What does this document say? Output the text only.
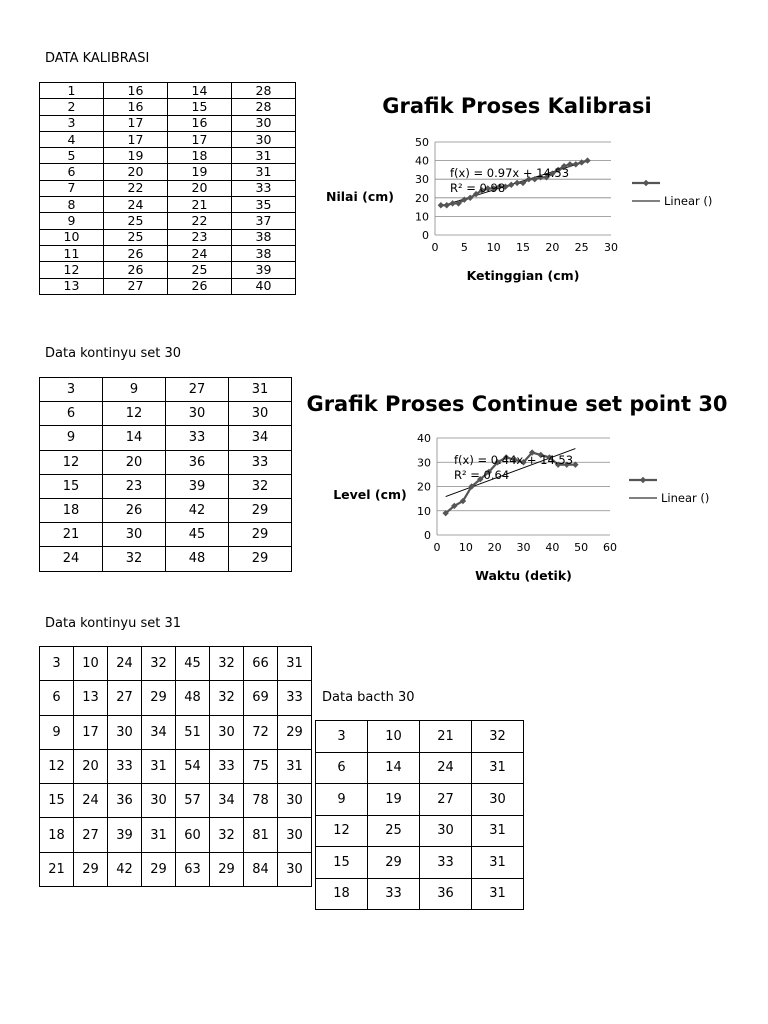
DATA KALIBRASI
Data kontinyu set 30
Data kontinyu set 31
Data bacth 30
1	16	14	28
2	16	15	28
3	17	16	30
4	17	17	30
5	19	18	31
6	20	19	31
7	22	20	33
8	24	21	35
9	25	22	37
10	25	23	38
11	26	24	38
12	26	25	39
13	27	26	40
3	9	27	31
6	12	30	30
9	14	33	34
12	20	36	33
15	23	39	32
18	26	42	29
21	30	45	29
24	32	48	29
3	10	24	32	45	32	66	31
6	13	27	29	48	32	69	33
9	17	30	34	51	30	72	29
12	20	33	31	54	33	75	31
15	24	36	30	57	34	78	30
18	27	39	31	60	32	81	30
21	29	42	29	63	29	84	30
3	10	21	32
6	14	24	31
9	19	27	30
12	25	30	31
15	29	33	31
18	33	36	31
Grafik Proses Kalibrasi
0
10
20
30
40
50
0 5 10 15 20 25 30
f(x) = 0.97x + 14.53
R² = 0.98
Nilai (cm)
Ketinggian (cm)
Linear ()
Grafik Proses Continue set point 30
0
10
20
30
40
0 10 20 30 40 50 60
f(x) = 0.44x + 14.53
R² = 0.64
Level (cm)
Waktu (detik)
Linear ()
